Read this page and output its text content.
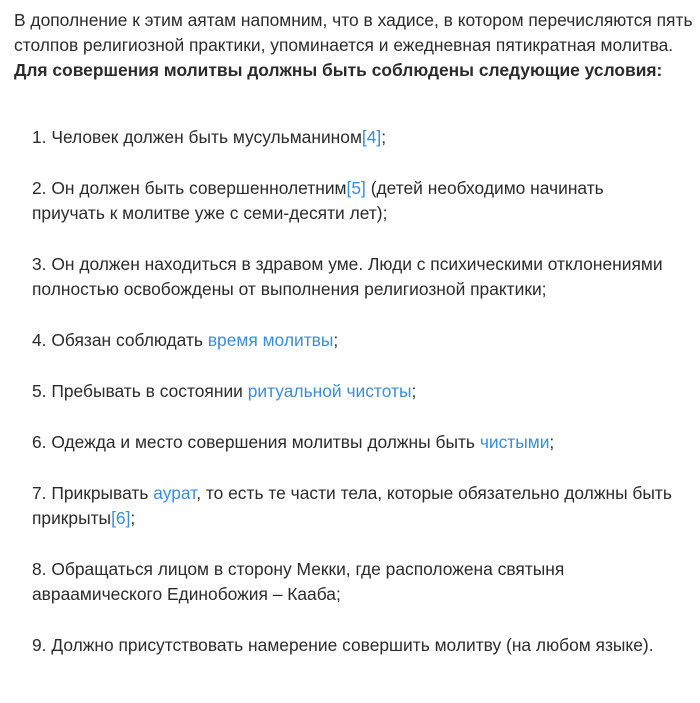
В дополнение к этим аятам напомним, что в хадисе, в котором перечисляются пять столпов религиозной практики, упоминается и ежедневная пятикратная молитва. Для совершения молитвы должны быть соблюдены следующие условия:

1. Человек должен быть мусульманином[4];
2. Он должен быть совершеннолетним[5] (детей необходимо начинать приучать к молитве уже с семи-десяти лет);
3. Он должен находиться в здравом уме. Люди с психическими отклонениями полностью освобождены от выполнения религиозной практики;
4. Обязан соблюдать время молитвы;
5. Пребывать в состоянии ритуальной чистоты;
6. Одежда и место совершения молитвы должны быть чистыми;
7. Прикрывать аурат, то есть те части тела, которые обязательно должны быть прикрыты[6];
8. Обращаться лицом в сторону Мекки, где расположена святыня авраамического Единобожия – Кааба;
9. Должно присутствовать намерение совершить молитву (на любом языке).
